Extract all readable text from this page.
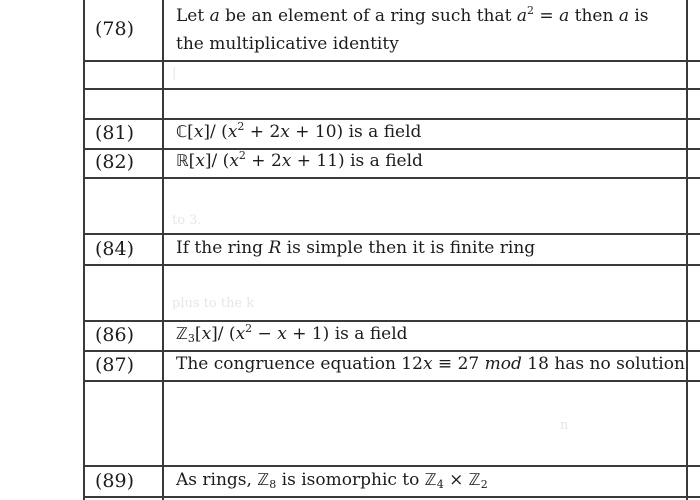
|
to 3.
plus to the k
n
(78)
Let a be an element of a ring such that $a^2 = a$ then a is
the multiplicative identity
(81)	ℂ[x]/ $(x^2 + 2x + 10)$ is a field
(82)	ℝ[x]/ $(x^2 + 2x + 11)$ is a field
(84) If the ring R is simple then it is finite ring
(86)	ℤ$_3$[x]/ $(x^2 - x + 1)$ is a field
(87) The congruence equation 12x ≡ 27 mod 18 has no solution
(89) As rings, ℤ$_8$ is isomorphic to ℤ$_4$ × ℤ$_2$
